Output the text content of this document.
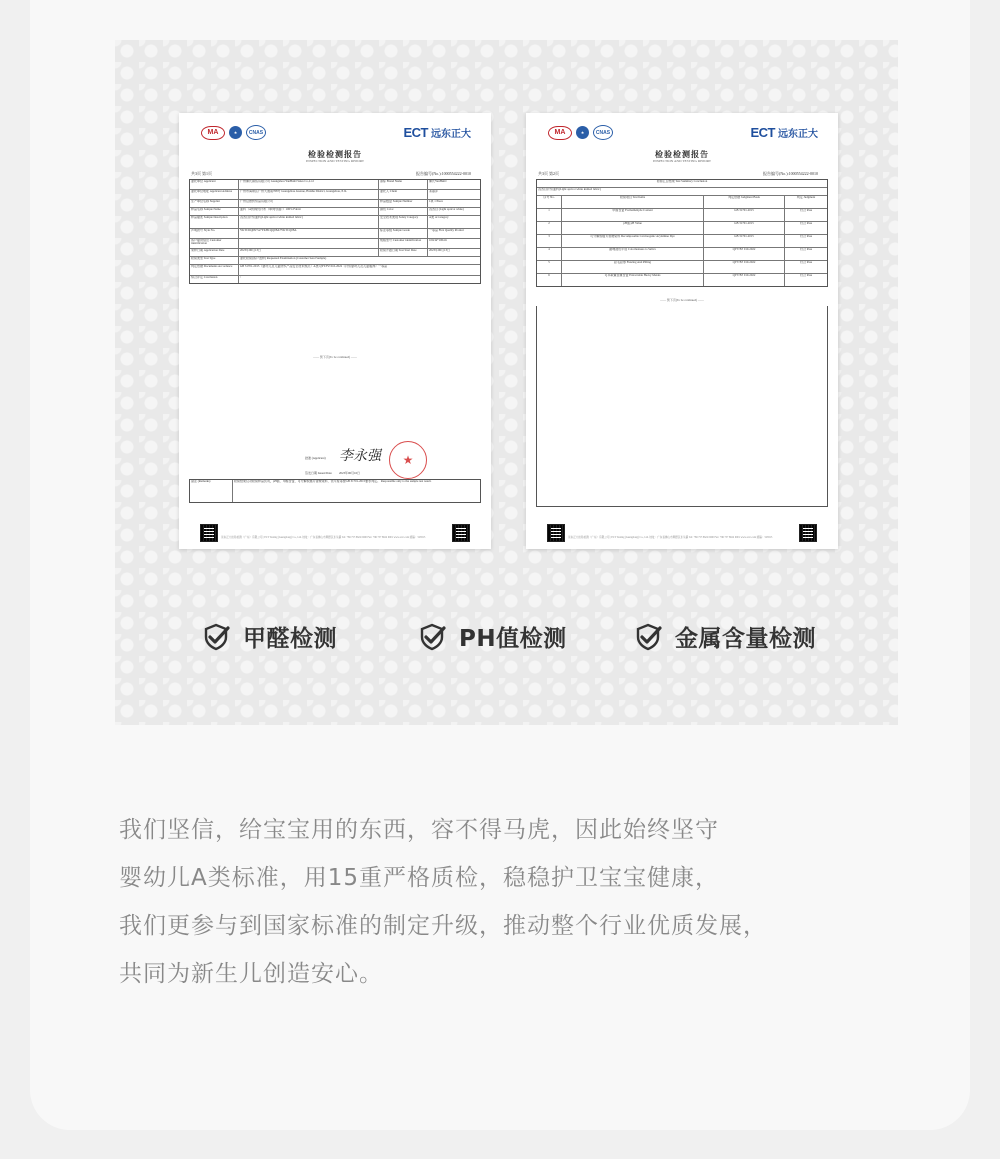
MA	★	CNAS	ECT 远东正大
检验检测报告
INSPECTION AND TESTING REPORT
共3页 第1页	报告编号(No.):1000554222-0010
委托单位 Applicant	广州熏氏销售有限公司 Guangzhou YanHuiO Sales Co.,Ltd	商标 Brand Name	熏氏YanHuiO
委托单位地址 Applicant Address	广州市海珠区广州大道南768号 Guangzhou Avenue, Haizhu District, Guangzhou, P. R.	委托人 Client	邓丽萍
生产单位名称 Supplier	广州启德纺织品有限公司	样品数量 Sample Number	1块 1 Piece
样品名称 Sample Name	面料（A纺棉纹针布（单向导湿））100% Fabric	颜色 Color	浅杏白 (Light apricot white)
样品描述 Sample Description	浅杏白针织面料(Light apricot white knitted fabric)	安全技术类别 Safety Category	A类 A Category
声明款号 Style No.	YKTCDQ08/7A7YKHCQQ08A7YKTCQ08A	标注等级 Sample Grade	一等品 First Quality Product
客户提供信息 Customer identification
规格型号 Customer identification	100cm*100cm
来样日期 Application Date	2023年06月13日	检验开始日期 Test Start Date	2023年06月13日
检验类型 Test Type	委托检验(客户送样) Requested Examination (Customer Send Sample)
判定依据 Documents Accordance	GB 31701-2015《婴幼儿及儿童纺织产品安全技术规范》A类 QYT/FZ 010-2022《针织婴幼儿及儿童服饰》一等品
综合评定 Conclusion	/
—— 预下页(To be continued) ——
批准 (Applicant) 李永强
签发日期 Issued Date 2023年06月16日
★
备注 (Remarks)	检验结果仅对检验样品负责，pH值、甲醛含量、可分解致癌芳香胺染料、色牢度等按GB 31701-2015要求判定。 Responsible only to the sample test result.
远东正大检验检测（广东）有限公司 | ECT Testing (Guangdong) Co., Ltd. 地址：广东省佛山市顺德区乐从镇 Tel: +86 757 8622 0000 Fax: +86 757 8622 0001 www.ectc.com 邮编：528315
MA	★	CNAS	ECT 远东正大
检验检测报告
INSPECTION AND TESTING REPORT
共3页 第2页	报告编号(No.):1000554222-0010
检验汇总结果 Test Summary Conclusion
浅杏白针织面料(Light apricot white knitted fabric)
序号 No.	检验项目 Test Items	判定依据 Judgment Basis	判定 Judgment
1	甲醛含量 Formaldehyde Content	GB 31701-2015	符合 Pass
2	pH值 pH Value	GB 31701-2015	符合 Pass
3	可分解致癌芳香胺染料 Decomposable Carcinogenic Arylamine Dye	GB 31701-2015	符合 Pass
4	耐唾液色牢度 Colorfastness to Saliva	QYT/FZ 010-2022	符合 Pass
5	起毛起球 Fuzzing And Pilling	QYT/FZ 010-2022	符合 Pass
6	可萃取重金属含量 Extractable Heavy Metals	QYT/FZ 010-2022	符合 Pass
—— 预下页(To be continued) ——
远东正大检验检测（广东）有限公司 | ECT Testing (Guangdong) Co., Ltd. 地址：广东省佛山市顺德区乐从镇 Tel: +86 757 8622 0000 Fax: +86 757 8622 0001 www.ectc.com 邮编：528315
甲醛检测	PH值检测	金属含量检测
我们坚信，给宝宝用的东西，容不得马虎，因此始终坚守
婴幼儿A类标准，用15重严格质检，稳稳护卫宝宝健康，
我们更参与到国家标准的制定升级，推动整个行业优质发展，
共同为新生儿创造安心。
